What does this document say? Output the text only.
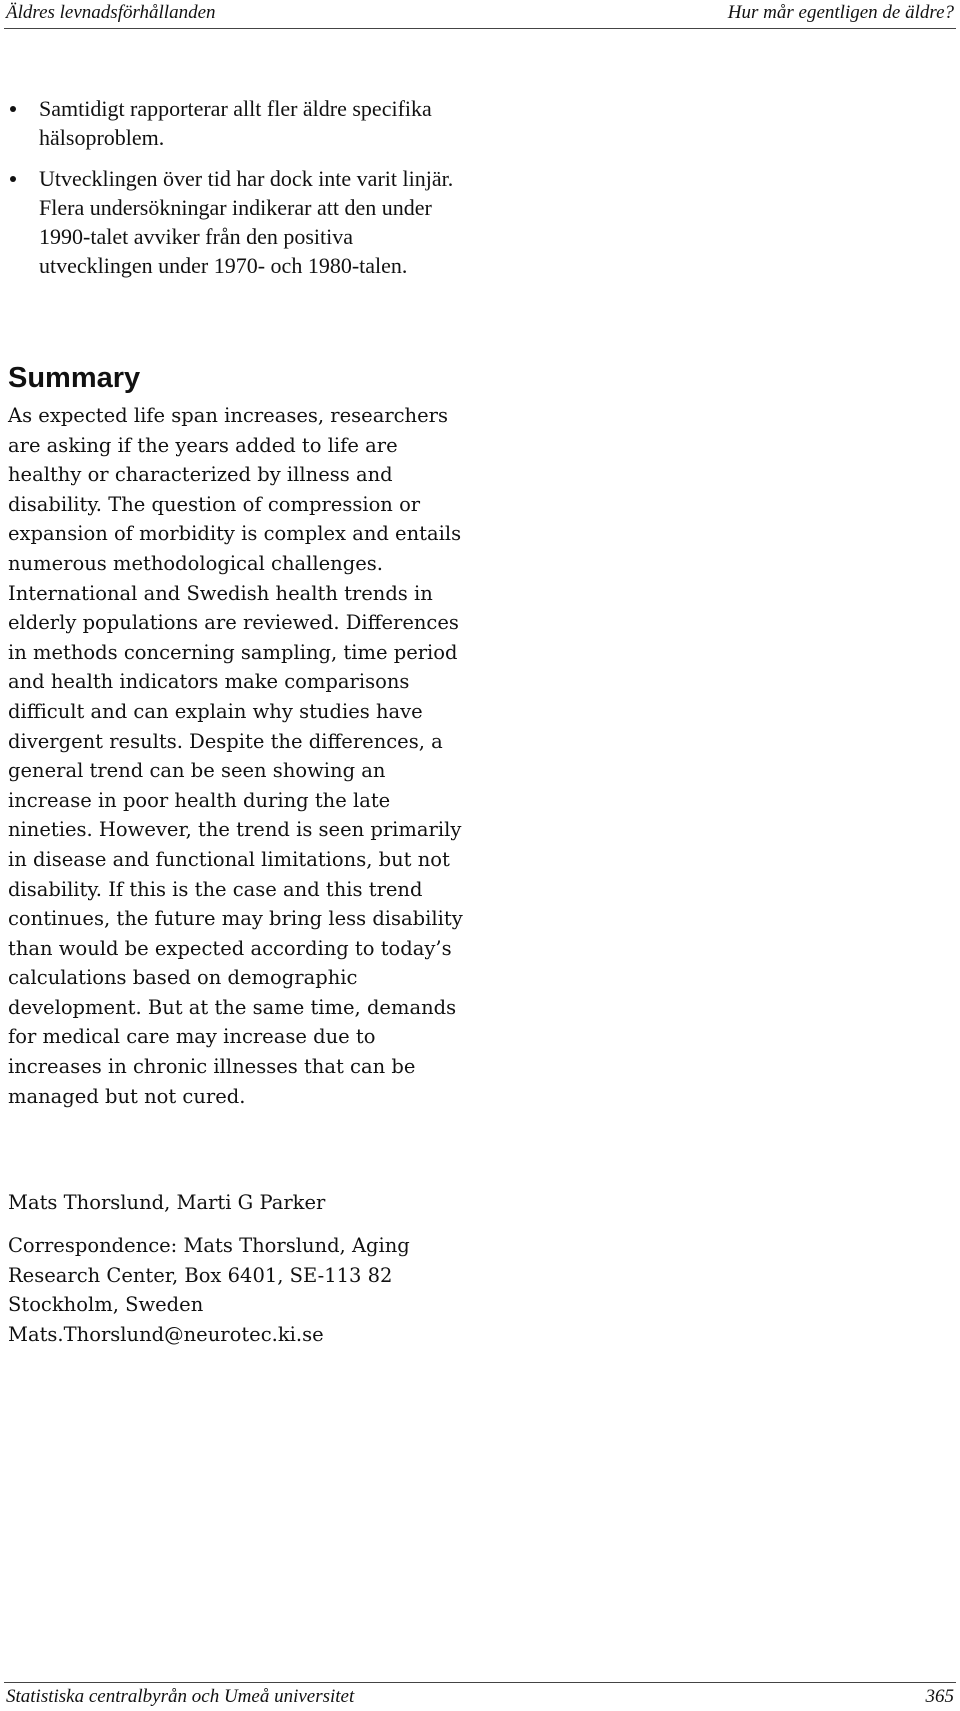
Äldres levnadsförhållanden	Hur mår egentligen de äldre?
Samtidigt rapporterar allt fler äldre specifika hälsoproblem.
Utvecklingen över tid har dock inte varit linjär. Flera undersökningar indikerar att den under 1990-talet avviker från den positiva utvecklingen under 1970- och 1980-talen.
Summary

As expected life span increases, researchers are asking if the years added to life are healthy or characterized by illness and disability. The question of compression or expansion of morbidity is complex and entails numerous methodological challenges. International and Swedish health trends in elderly populations are reviewed. Differences in methods concerning sampling, time period and health indicators make comparisons difficult and can explain why studies have divergent results. Despite the differences, a general trend can be seen showing an increase in poor health during the late nineties. However, the trend is seen primarily in disease and functional limitations, but not disability. If this is the case and this trend continues, the future may bring less disability than would be expected according to today’s calculations based on demographic development. But at the same time, demands for medical care may increase due to increases in chronic illnesses that can be managed but not cured.

Mats Thorslund, Marti G Parker

Correspondence: Mats Thorslund, Aging
Research Center, Box 6401, SE-113 82
Stockholm, Sweden
Mats.Thorslund@neurotec.ki.se
Statistiska centralbyrån och Umeå universitet	365
